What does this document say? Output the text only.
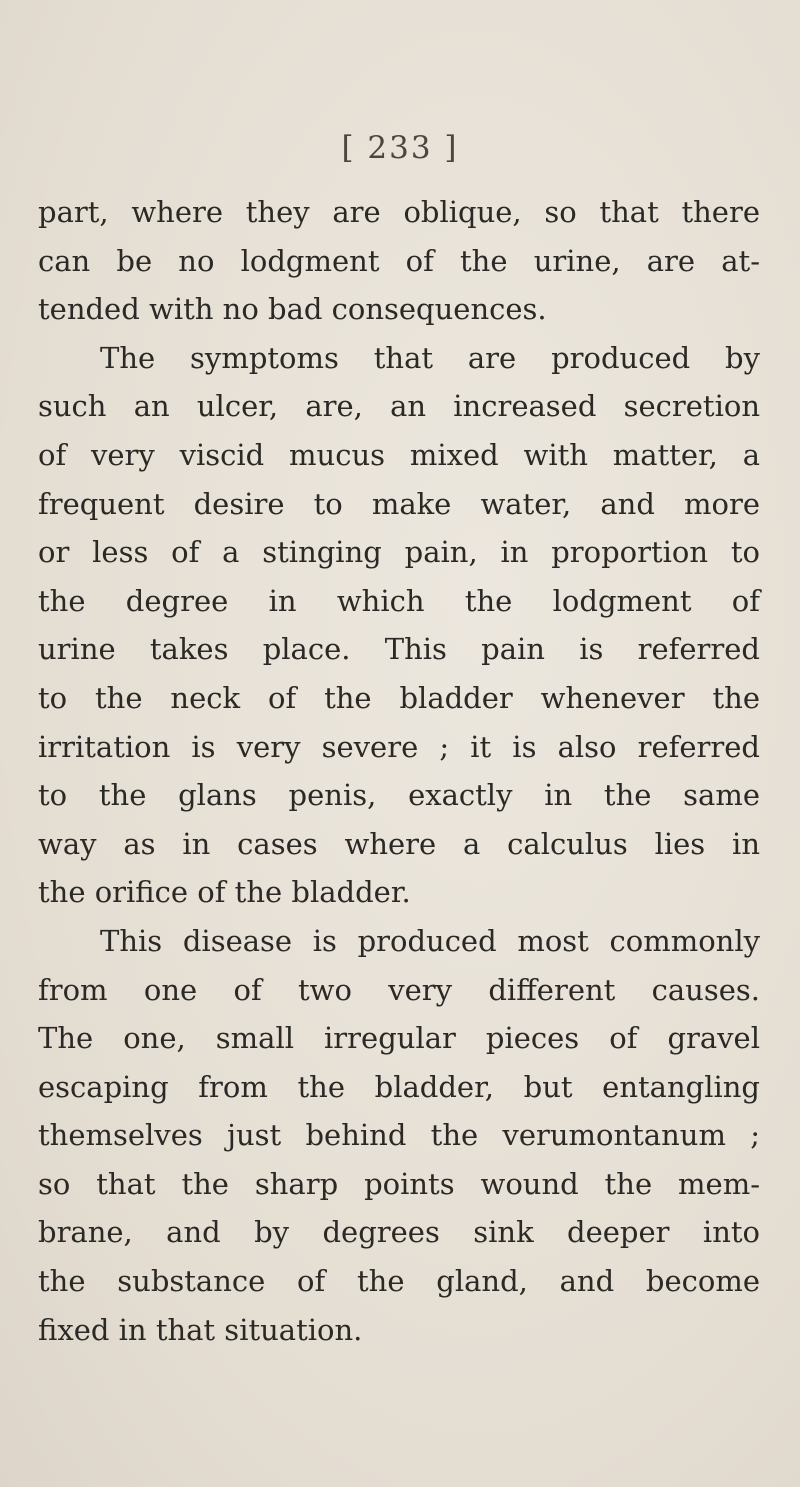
[ 233 ]
part, where they are oblique, so that there
can be no lodgment of the urine, are at-
tended with no bad consequences.
The symptoms that are produced by
such an ulcer, are, an increased secretion
of very viscid mucus mixed with matter, a
frequent desire to make water, and more
or less of a stinging pain, in proportion to
the degree in which the lodgment of
urine takes place. This pain is referred
to the neck of the bladder whenever the
irritation is very severe ; it is also referred
to the glans penis, exactly in the same
way as in cases where a calculus lies in
the orifice of the bladder.
This disease is produced most commonly
from one of two very different causes.
The one, small irregular pieces of gravel
escaping from the bladder, but entangling
themselves just behind the verumontanum ;
so that the sharp points wound the mem-
brane, and by degrees sink deeper into
the substance of the gland, and become
fixed in that situation.
